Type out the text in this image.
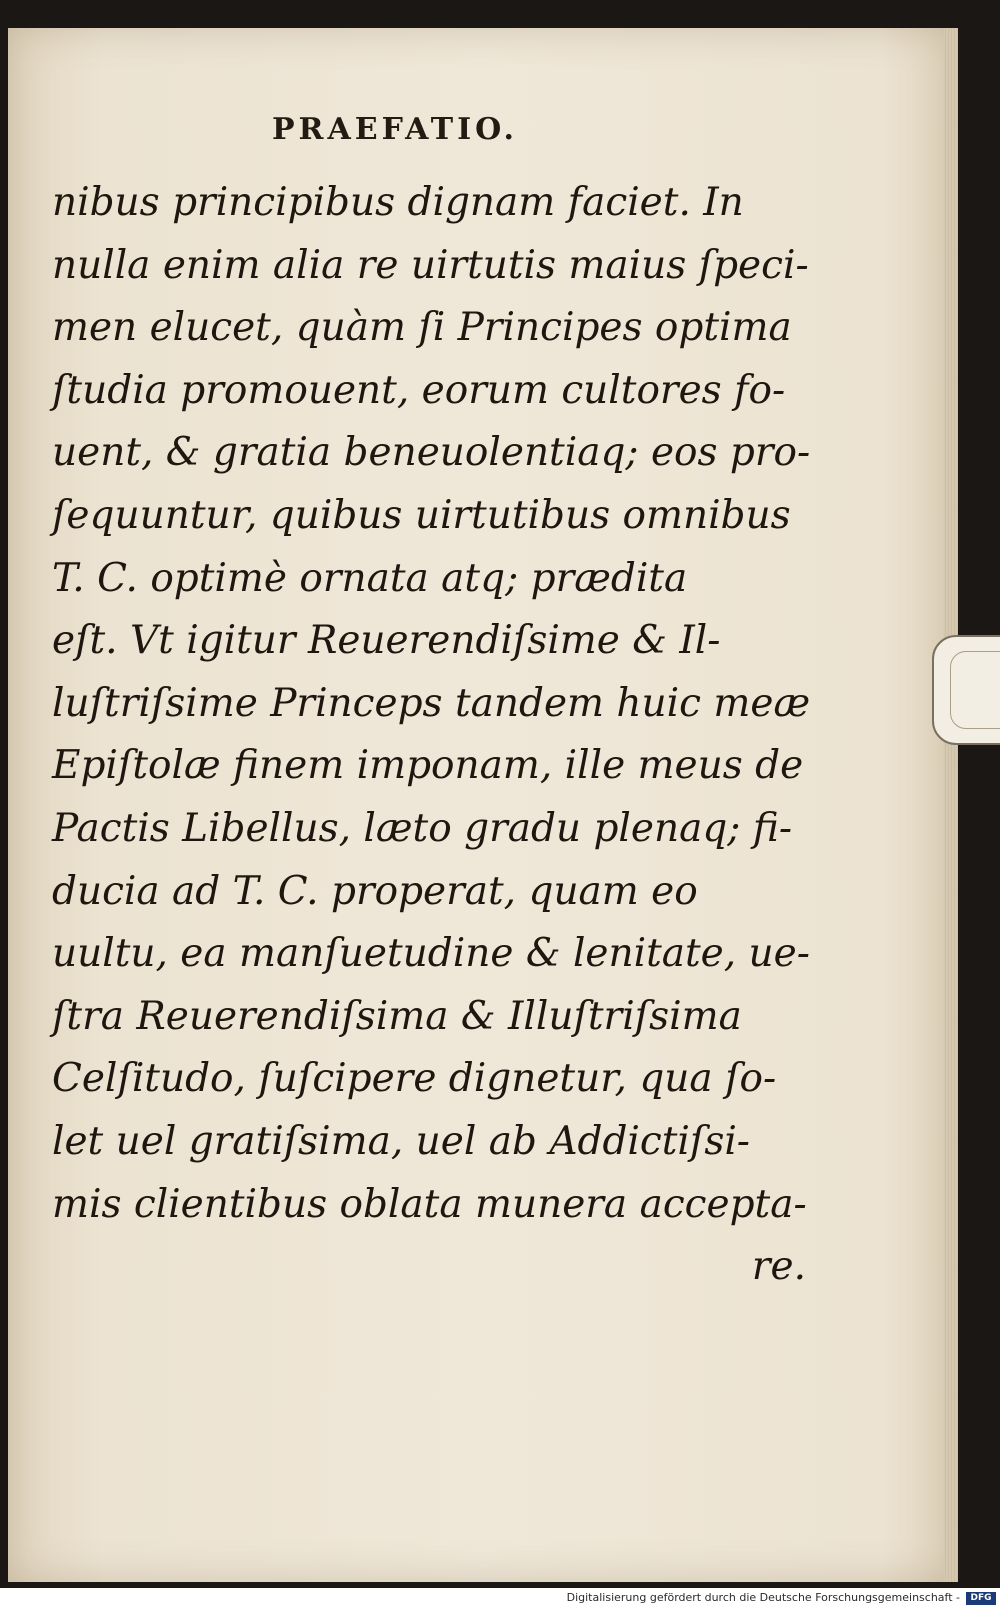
PRAEFATIO.
nibus principibus dignam faciet. In
nulla enim alia re uirtutis maius ſpeci-
men elucet, quàm ſi Principes optima
ſtudia promouent, eorum cultores fo-
uent, & gratia beneuolentiaq; eos pro-
ſequuntur, quibus uirtutibus omnibus
T. C. optimè ornata atq; prædita
eſt. Vt igitur Reuerendiſsime & Il-
luſtriſsime Princeps tandem huic meæ
Epiſtolæ finem imponam, ille meus de
Pactis Libellus, læto gradu plenaq; fi-
ducia ad T. C. properat, quam eo
uultu, ea manſuetudine & lenitate, ue-
ſtra Reuerendiſsima & Illuſtriſsima
Celſitudo, ſuſcipere dignetur, qua ſo-
let uel gratiſsima, uel ab Addictiſsi-
mis clientibus oblata munera accepta-
re.
Digitalisierung gefördert durch die Deutsche Forschungsgemeinschaft -	DFG
